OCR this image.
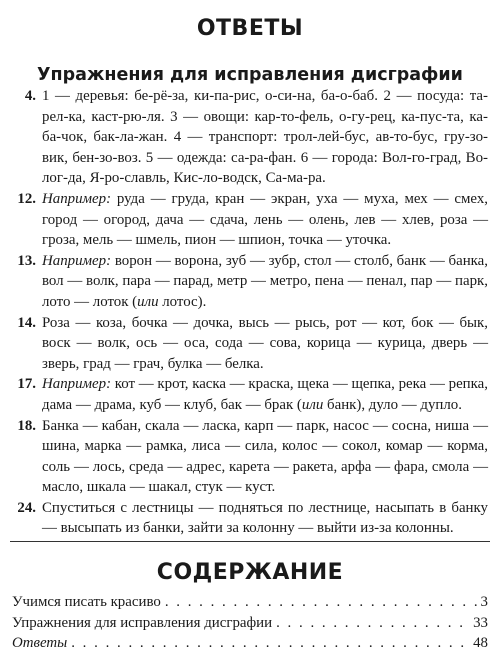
ОТВЕТЫ
Упражнения для исправления дисграфии

4. 1 — деревья: бе-рё-за, ки-па-рис, о-си-на, ба-о-баб. 2 — посуда: та-рел-ка, каст-рю-ля. 3 — овощи: кар-то-фель, о-гу-рец, ка-пус-та, ка-ба-чок, бак-ла-жан. 4 — транспорт: трол-лей-бус, ав-то-бус, гру-зо-вик, бен-зо-воз. 5 — одежда: са-ра-фан. 6 — города: Вол-го-град, Во-лог-да, Я-ро-славль, Кис-ло-водск, Са-ма-ра.

12. Например: руда — груда, кран — экран, уха — муха, мех — смех, город — огород, дача — сдача, лень — олень, лев — хлев, роза — гроза, мель — шмель, пион — шпион, точка — уточка.

13. Например: ворон — ворона, зуб — зубр, стол — столб, банк — банка, вол — волк, пара — парад, метр — метро, пена — пенал, пар — парк, лото — лоток (или лотос).

14. Роза — коза, бочка — дочка, высь — рысь, рот — кот, бок — бык, воск — волк, ось — оса, сода — сова, корица — курица, дверь — зверь, град — грач, булка — белка.

17. Например: кот — крот, каска — краска, щека — щепка, река — репка, дама — драма, куб — клуб, бак — брак (или банк), дуло — дупло.

18. Банка — кабан, скала — ласка, карп — парк, насос — сосна, ниша — шина, марка — рамка, лиса — сила, колос — сокол, комар — корма, соль — лось, среда — адрес, карета — ракета, арфа — фара, смола — масло, шкала — шакал, стук — куст.

24. Спуститься с лестницы — подняться по лестнице, насыпать в банку — высыпать из банки, зайти за колонну — выйти из-за колонны.

СОДЕРЖАНИЕ
Учимся писать красиво . . .	3
Упражнения для исправления дисграфии . . .	33
Ответы . . .	48
